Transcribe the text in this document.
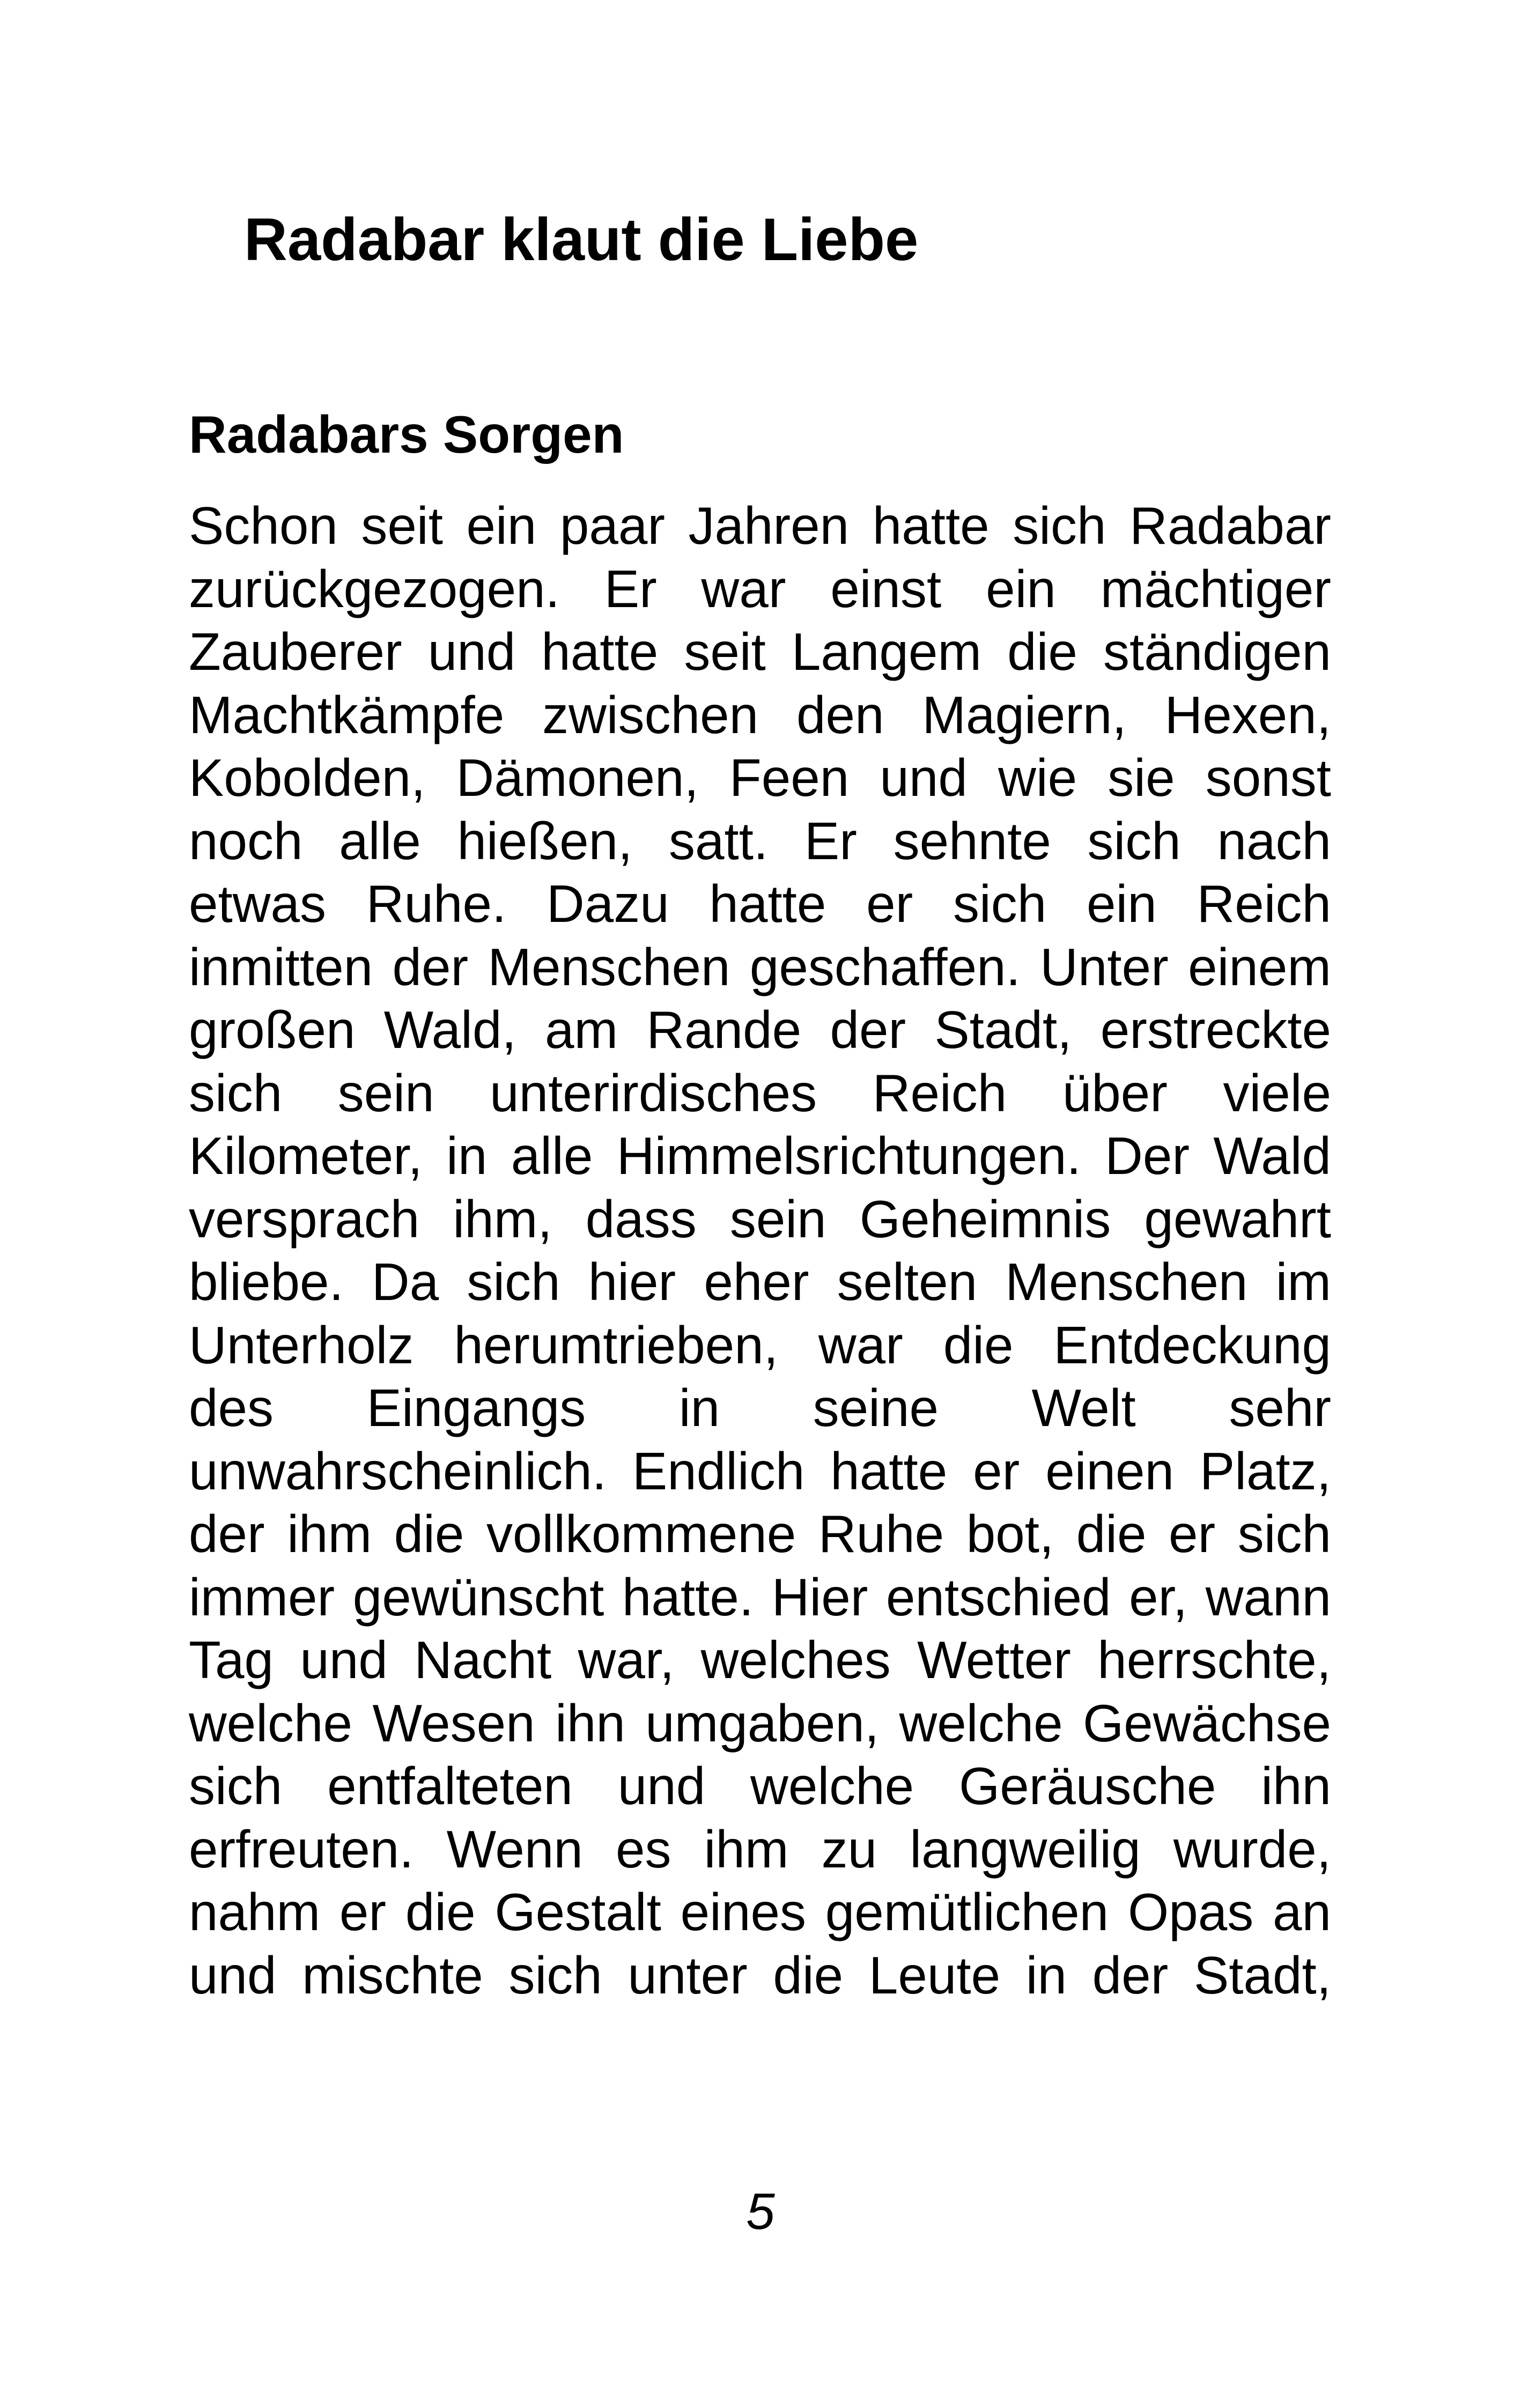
Radabar klaut die Liebe
Radabars Sorgen
Schon seit ein paar Jahren hatte sich Radabar
zurückgezogen. Er war einst ein mächtiger
Zauberer und hatte seit Langem die ständigen
Machtkämpfe zwischen den Magiern, Hexen,
Kobolden, Dämonen, Feen und wie sie sonst
noch alle hießen, satt. Er sehnte sich nach
etwas Ruhe. Dazu hatte er sich ein Reich
inmitten der Menschen geschaffen. Unter einem
großen Wald, am Rande der Stadt, erstreckte
sich sein unterirdisches Reich über viele
Kilometer, in alle Himmelsrichtungen. Der Wald
versprach ihm, dass sein Geheimnis gewahrt
bliebe. Da sich hier eher selten Menschen im
Unterholz herumtrieben, war die Entdeckung
des Eingangs in seine Welt sehr
unwahrscheinlich. Endlich hatte er einen Platz,
der ihm die vollkommene Ruhe bot, die er sich
immer gewünscht hatte. Hier entschied er, wann
Tag und Nacht war, welches Wetter herrschte,
welche Wesen ihn umgaben, welche Gewächse
sich entfalteten und welche Geräusche ihn
erfreuten. Wenn es ihm zu langweilig wurde,
nahm er die Gestalt eines gemütlichen Opas an
und mischte sich unter die Leute in der Stadt,

5
